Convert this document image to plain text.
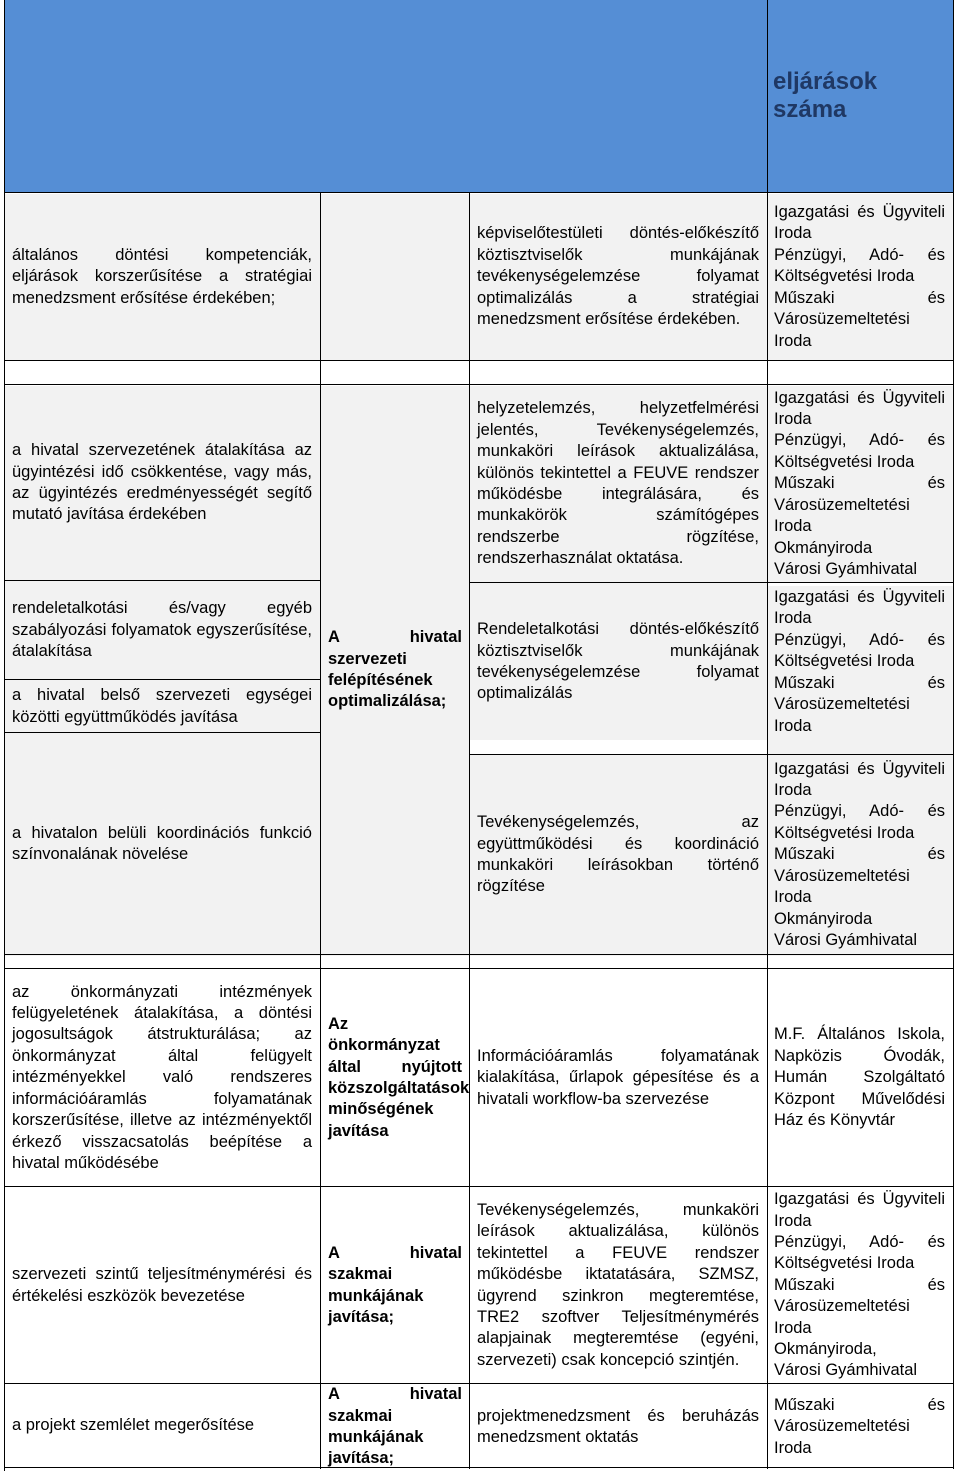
eljárások száma
általános döntési kompetenciák, eljárások korszerűsítése a stratégiai menedzsment erősítése érdekében;
a hivatal szervezetének átalakítása az ügyintézési idő csökkentése, vagy más, az ügyintézés eredményességét segítő mutató javítása érdekében
rendeletalkotási és/vagy egyéb szabályozási folyamatok egyszerűsítése, átalakítása
a hivatal belső szervezeti egységei közötti együttműködés javítása
a hivatalon belüli koordinációs funkció színvonalának növelése
az önkormányzati intézmények felügyeletének átalakítása, a döntési jogosultságok átstrukturálása; az önkormányzat által felügyelt intézményekkel való rendszeres információáramlás folyamatának korszerűsítése, illetve az intézményektől érkező visszacsatolás beépítése a hivatal működésébe
szervezeti szintű teljesítménymérési és értékelési eszközök bevezetése
a projekt szemlélet megerősítése
A hivatal szervezeti felépítésének optimalizálása;
Az önkormányzat által nyújtott közszolgáltatások minőségének javítása
A hivatal szakmai munkájának javítása;
A hivatal szakmai munkájának javítása;
képviselőtestületi döntés-előkészítő köztisztviselők munkájának tevékenységelemzése folyamat optimalizálás a stratégiai menedzsment erősítése érdekében.
helyzetelemzés, helyzetfelmérési jelentés, Tevékenységelemzés, munkaköri leírások aktualizálása, különös tekintettel a FEUVE rendszer működésbe integrálására, és munkakörök számítógépes rendszerbe rögzítése, rendszerhasználat oktatása.
Rendeletalkotási döntés-előkészítő köztisztviselők munkájának tevékenységelemzése folyamat optimalizálás
Tevékenységelemzés, az együttműködési és koordináció munkaköri leírásokban történő rögzítése
Információáramlás folyamatának kialakítása, űrlapok gépesítése és a hivatali workflow-ba szervezése
Tevékenységelemzés, munkaköri leírások aktualizálása, különös tekintettel a FEUVE rendszer működésbe iktatatására, SZMSZ, ügyrend szinkron megteremtése, TRE2 szoftver Teljesítménymérés alapjainak megteremtése (egyéni, szervezeti) csak koncepció szintjén.
projektmenedzsment és beruházás menedzsment oktatás
Igazgatási és Ügyviteli Iroda
Pénzügyi, Adó- és Költségvetési Iroda
Műszaki és Városüzemeltetési Iroda
Igazgatási és Ügyviteli Iroda
Pénzügyi, Adó- és Költségvetési Iroda
Műszaki és Városüzemeltetési Iroda
Okmányiroda
Városi Gyámhivatal
Igazgatási és Ügyviteli Iroda
Pénzügyi, Adó- és Költségvetési Iroda
Műszaki és Városüzemeltetési Iroda
Igazgatási és Ügyviteli Iroda
Pénzügyi, Adó- és Költségvetési Iroda
Műszaki és Városüzemeltetési Iroda
Okmányiroda
Városi Gyámhivatal
M.F. Általános Iskola, Napközis Óvodák, Humán Szolgáltató Központ Művelődési Ház és Könyvtár
Igazgatási és Ügyviteli Iroda
Pénzügyi, Adó- és Költségvetési Iroda
Műszaki és Városüzemeltetési Iroda
Okmányiroda,
Városi Gyámhivatal
Műszaki és Városüzemeltetési Iroda
